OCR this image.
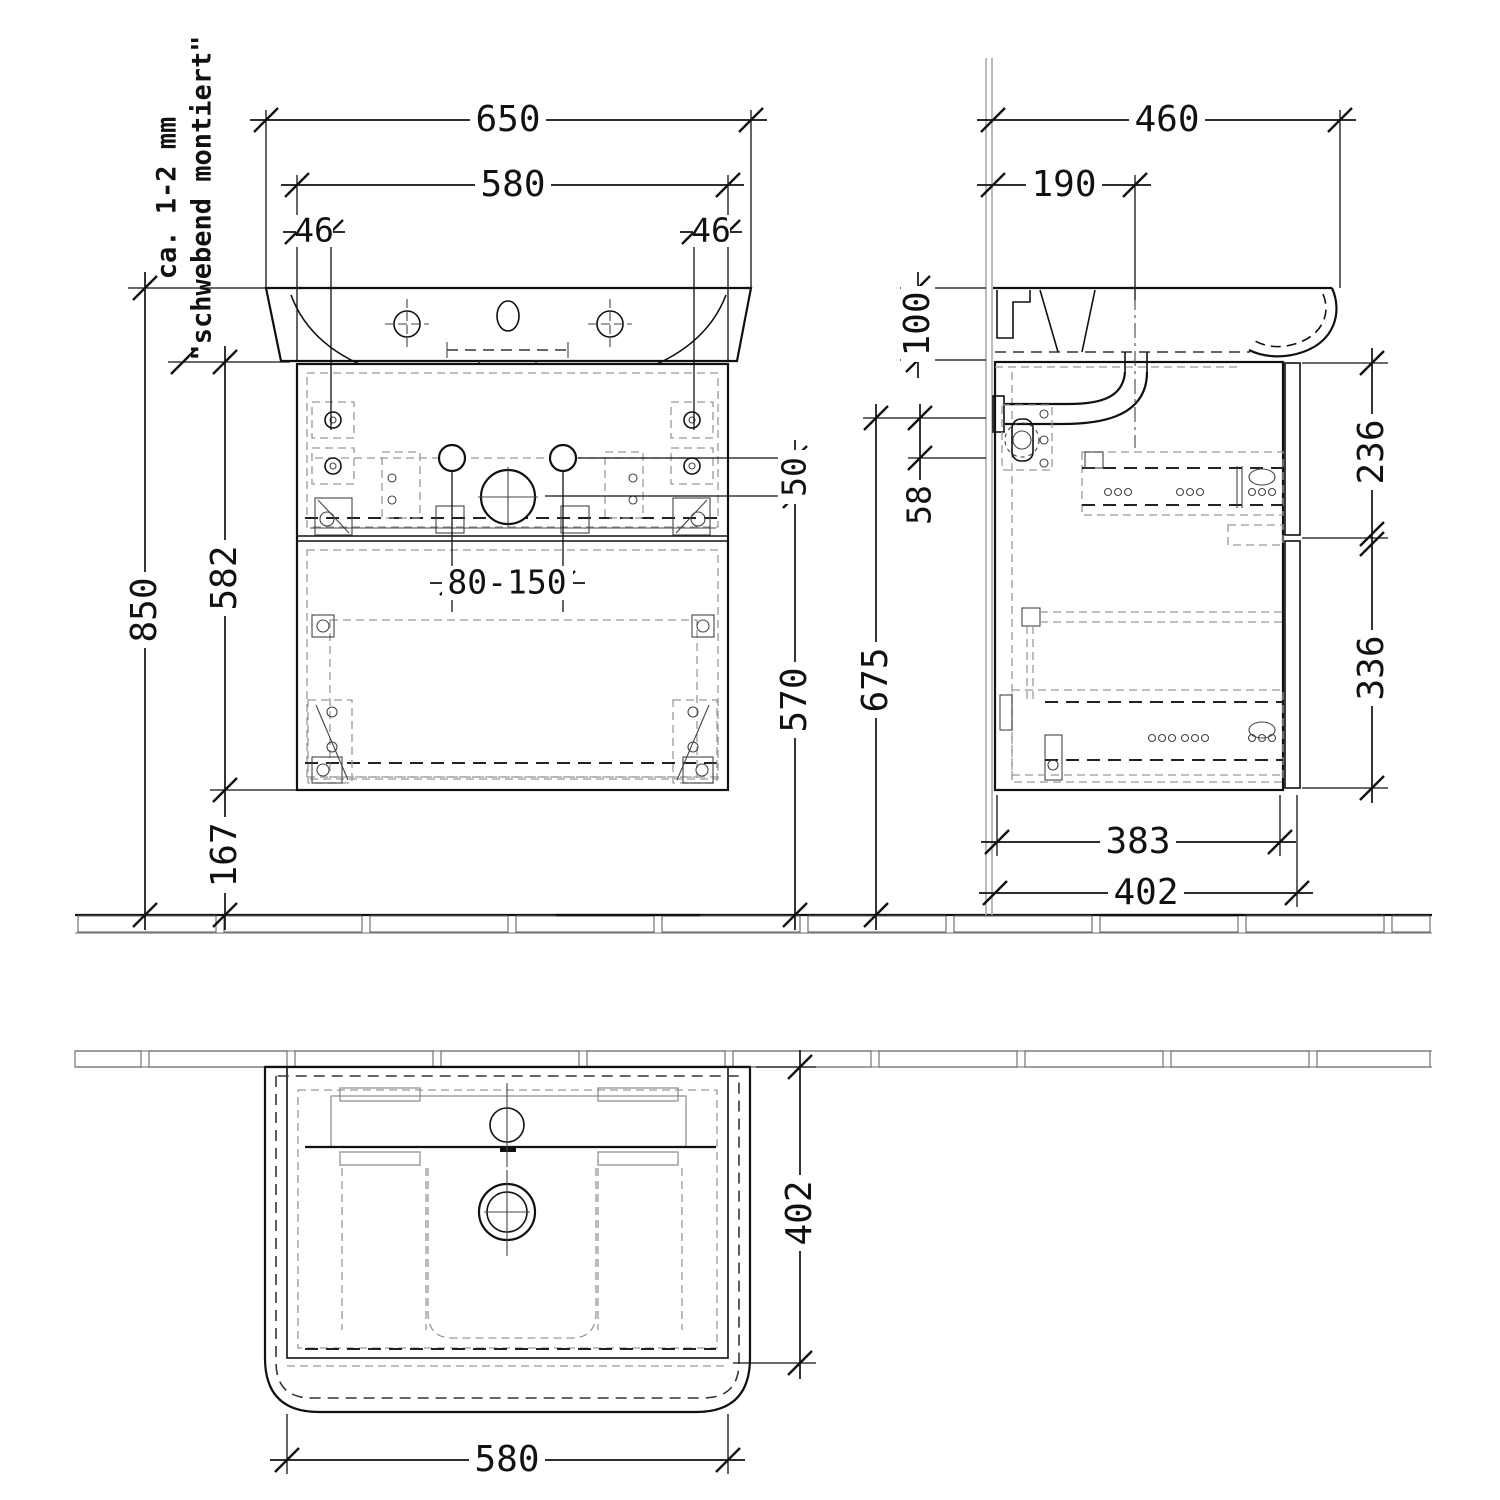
650
580
46	46
850 582
167
80-150
50
570
460
190
100
58
675
236
336
383
402
402
580
ca. 1-2 mm "schwebend montiert"
